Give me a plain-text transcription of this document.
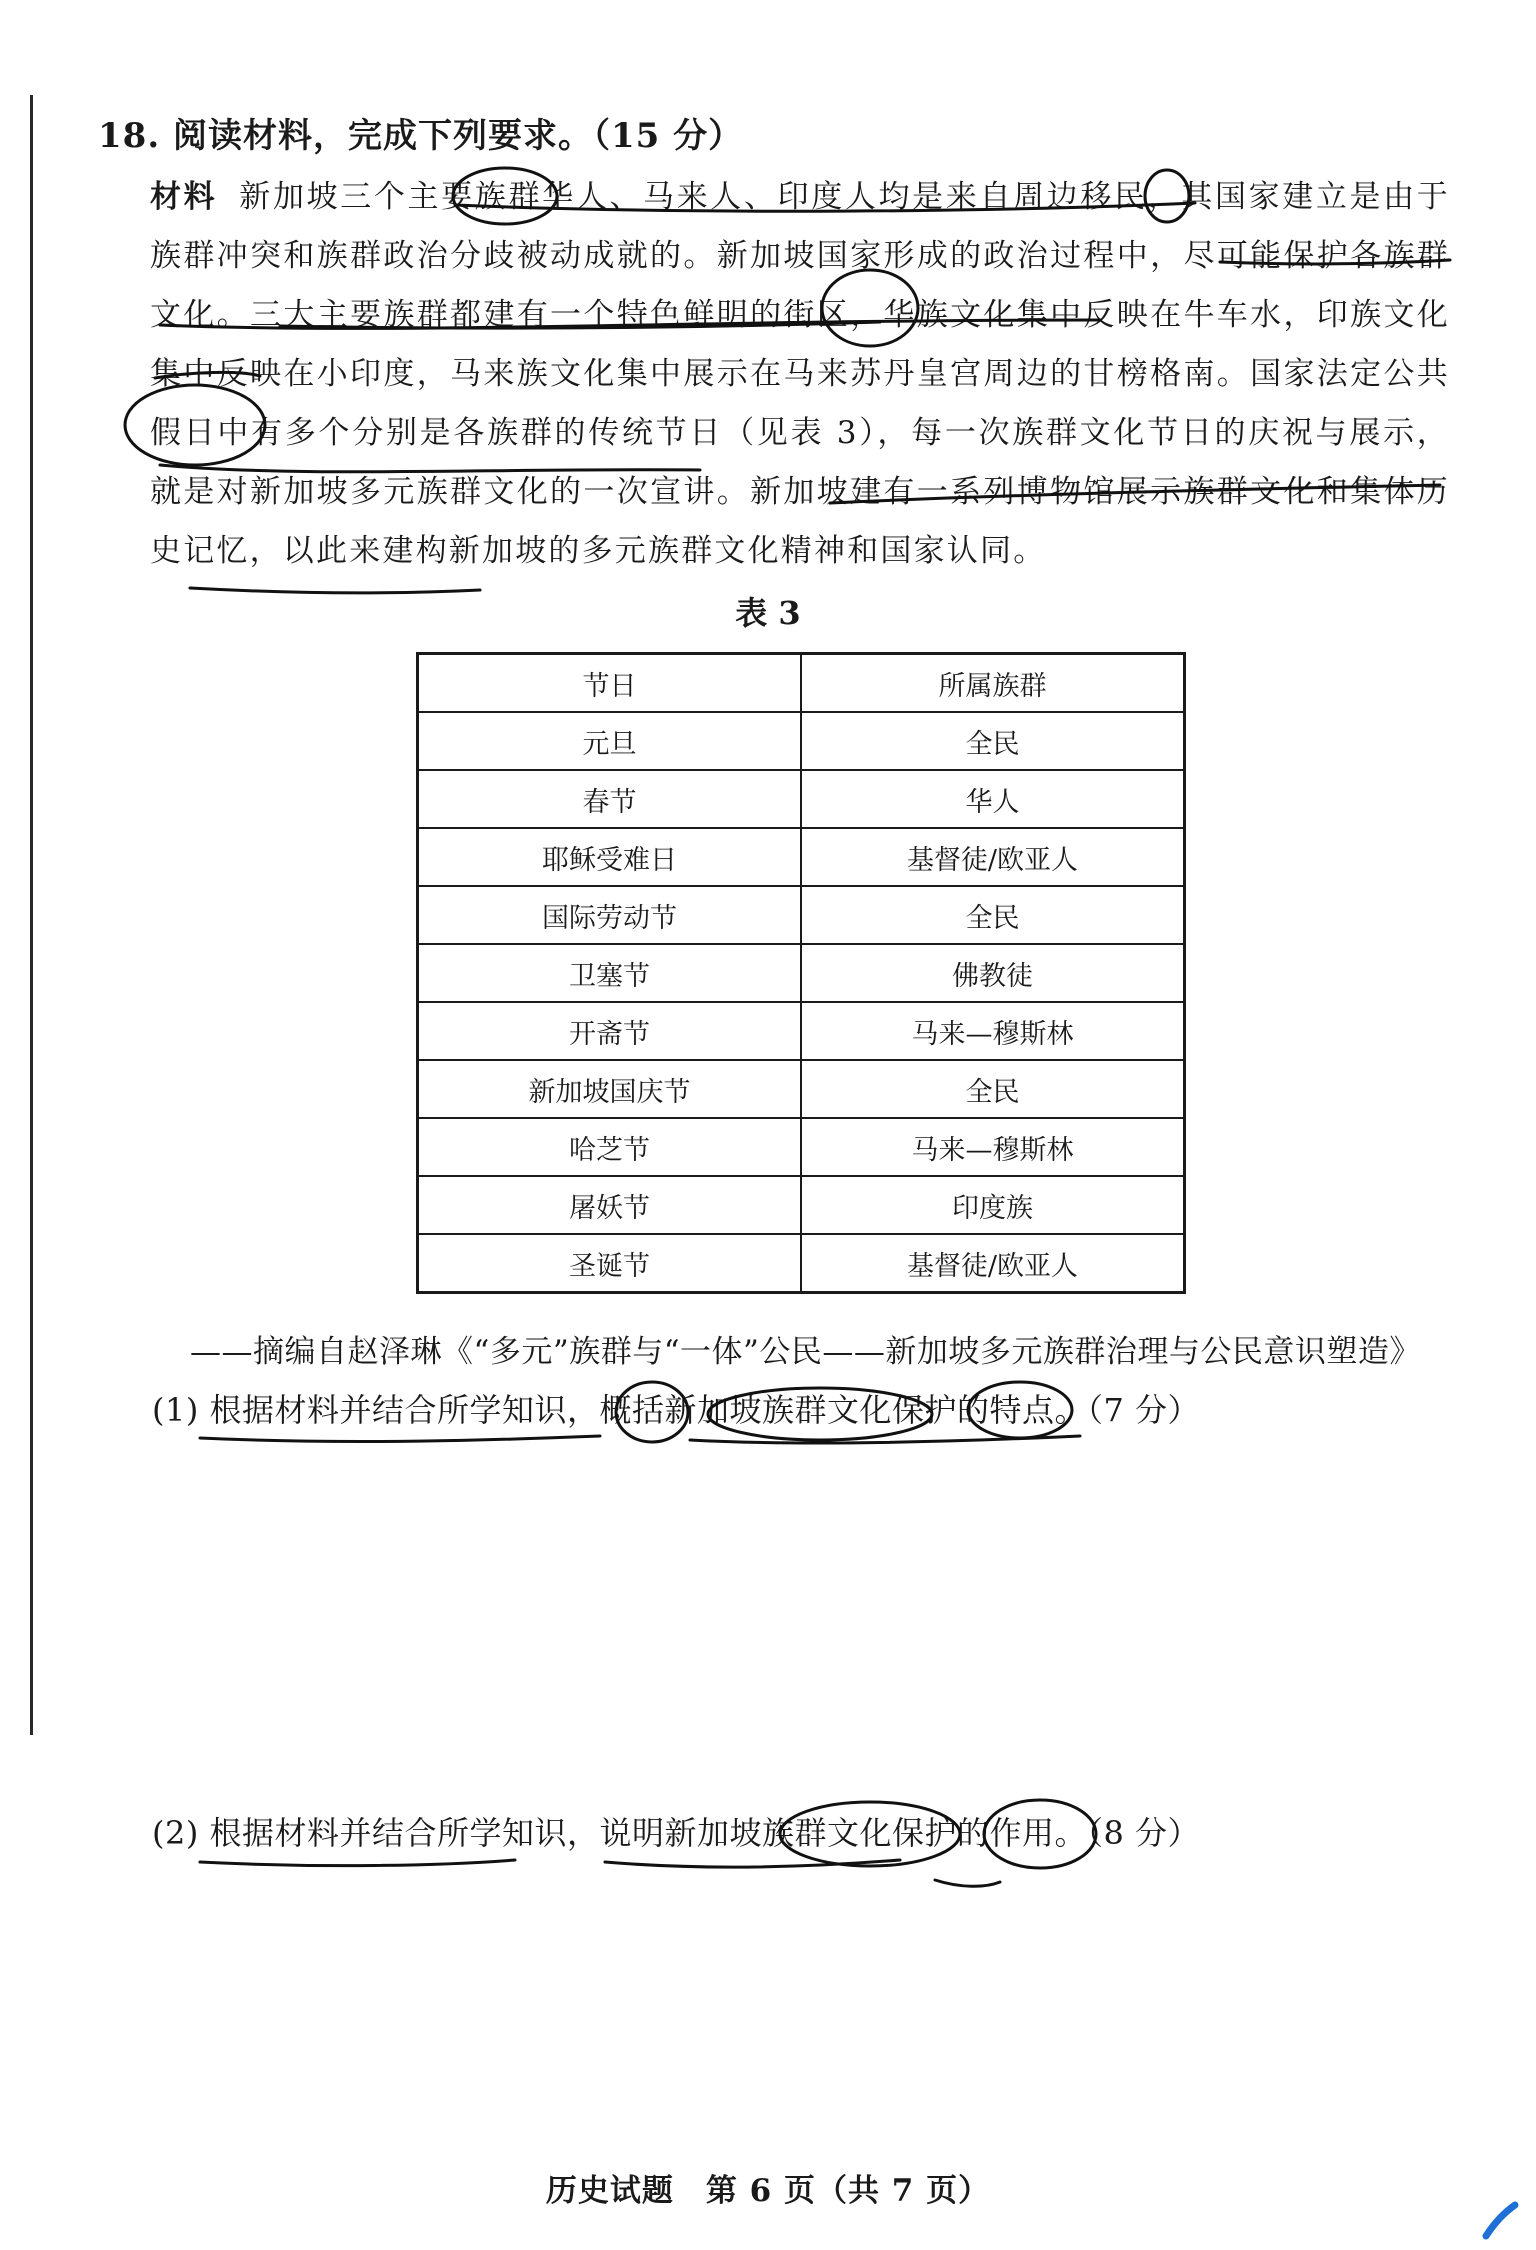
18. 阅读材料，完成下列要求。（15 分）
材料 新加坡三个主要族群华人、马来人、印度人均是来自周边移民，其国家建立是由于族群冲突和族群政治分歧被动成就的。新加坡国家形成的政治过程中，尽可能保护各族群文化。三大主要族群都建有一个特色鲜明的街区，华族文化集中反映在牛车水，印族文化集中反映在小印度，马来族文化集中展示在马来苏丹皇宫周边的甘榜格南。国家法定公共假日中有多个分别是各族群的传统节日（见表 3），每一次族群文化节日的庆祝与展示，就是对新加坡多元族群文化的一次宣讲。新加坡建有一系列博物馆展示族群文化和集体历史记忆，以此来建构新加坡的多元族群文化精神和国家认同。
表 3
节日	所属族群
元旦	全民
春节	华人
耶稣受难日	基督徒/欧亚人
国际劳动节	全民
卫塞节	佛教徒
开斋节	马来—穆斯林
新加坡国庆节	全民
哈芝节	马来—穆斯林
屠妖节	印度族
圣诞节	基督徒/欧亚人
——摘编自赵泽琳《“多元”族群与“一体”公民——新加坡多元族群治理与公民意识塑造》
(1) 根据材料并结合所学知识，概括新加坡族群文化保护的特点。（7 分）
(2) 根据材料并结合所学知识，说明新加坡族群文化保护的作用。（8 分）
历史试题　第 6 页（共 7 页）
